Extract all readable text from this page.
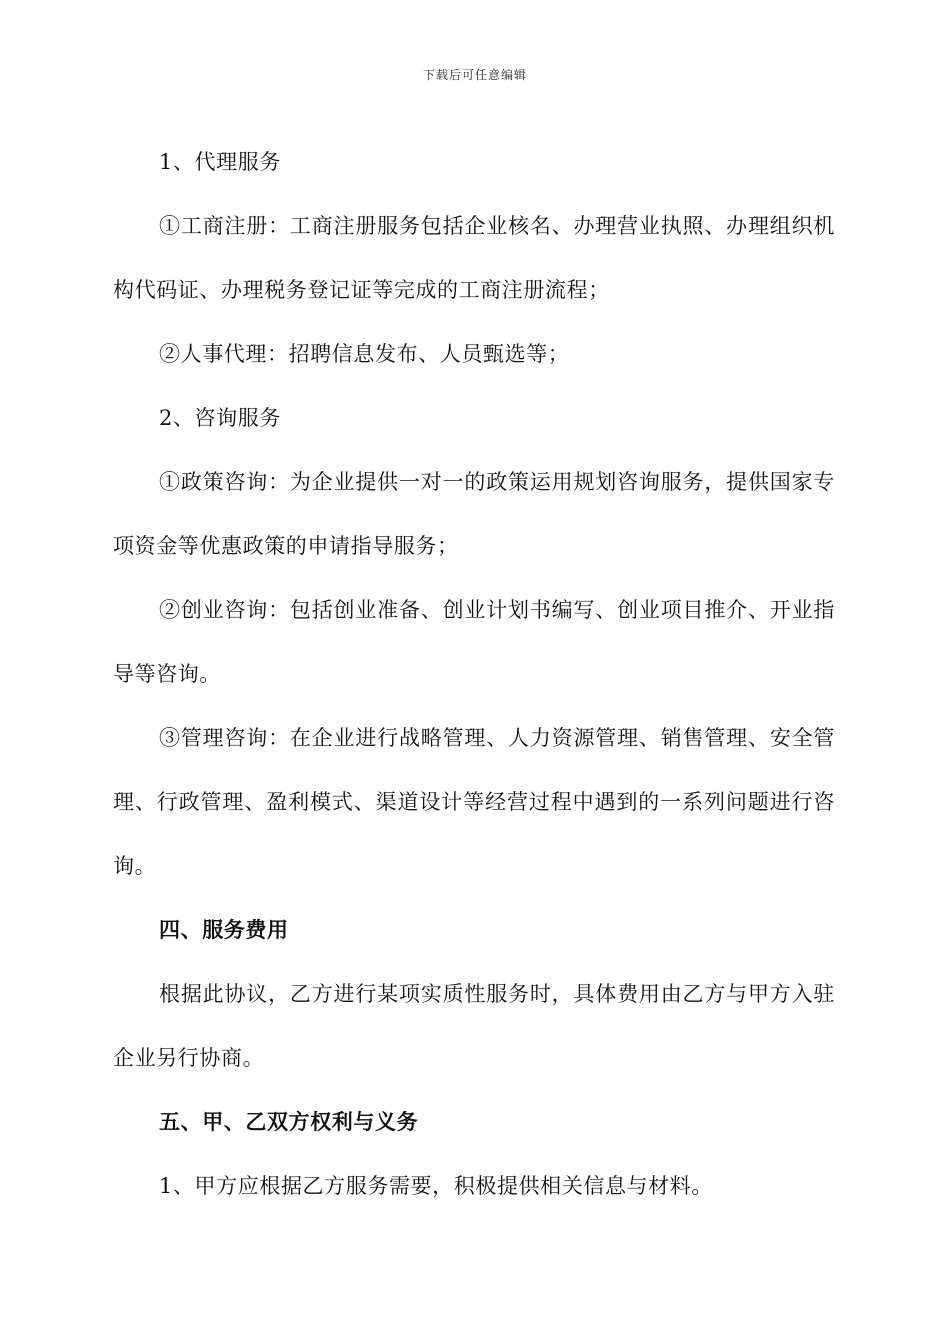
下载后可任意编辑

1、代理服务

①工商注册：工商注册服务包括企业核名、办理营业执照、办理组织机构代码证、办理税务登记证等完成的工商注册流程；

②人事代理：招聘信息发布、人员甄选等；

2、咨询服务

①政策咨询：为企业提供一对一的政策运用规划咨询服务，提供国家专项资金等优惠政策的申请指导服务；

②创业咨询：包括创业准备、创业计划书编写、创业项目推介、开业指导等咨询。

③管理咨询：在企业进行战略管理、人力资源管理、销售管理、安全管理、行政管理、盈利模式、渠道设计等经营过程中遇到的一系列问题进行咨询。

四、服务费用

根据此协议，乙方进行某项实质性服务时，具体费用由乙方与甲方入驻企业另行协商。

五、甲、乙双方权利与义务

1、甲方应根据乙方服务需要，积极提供相关信息与材料。
